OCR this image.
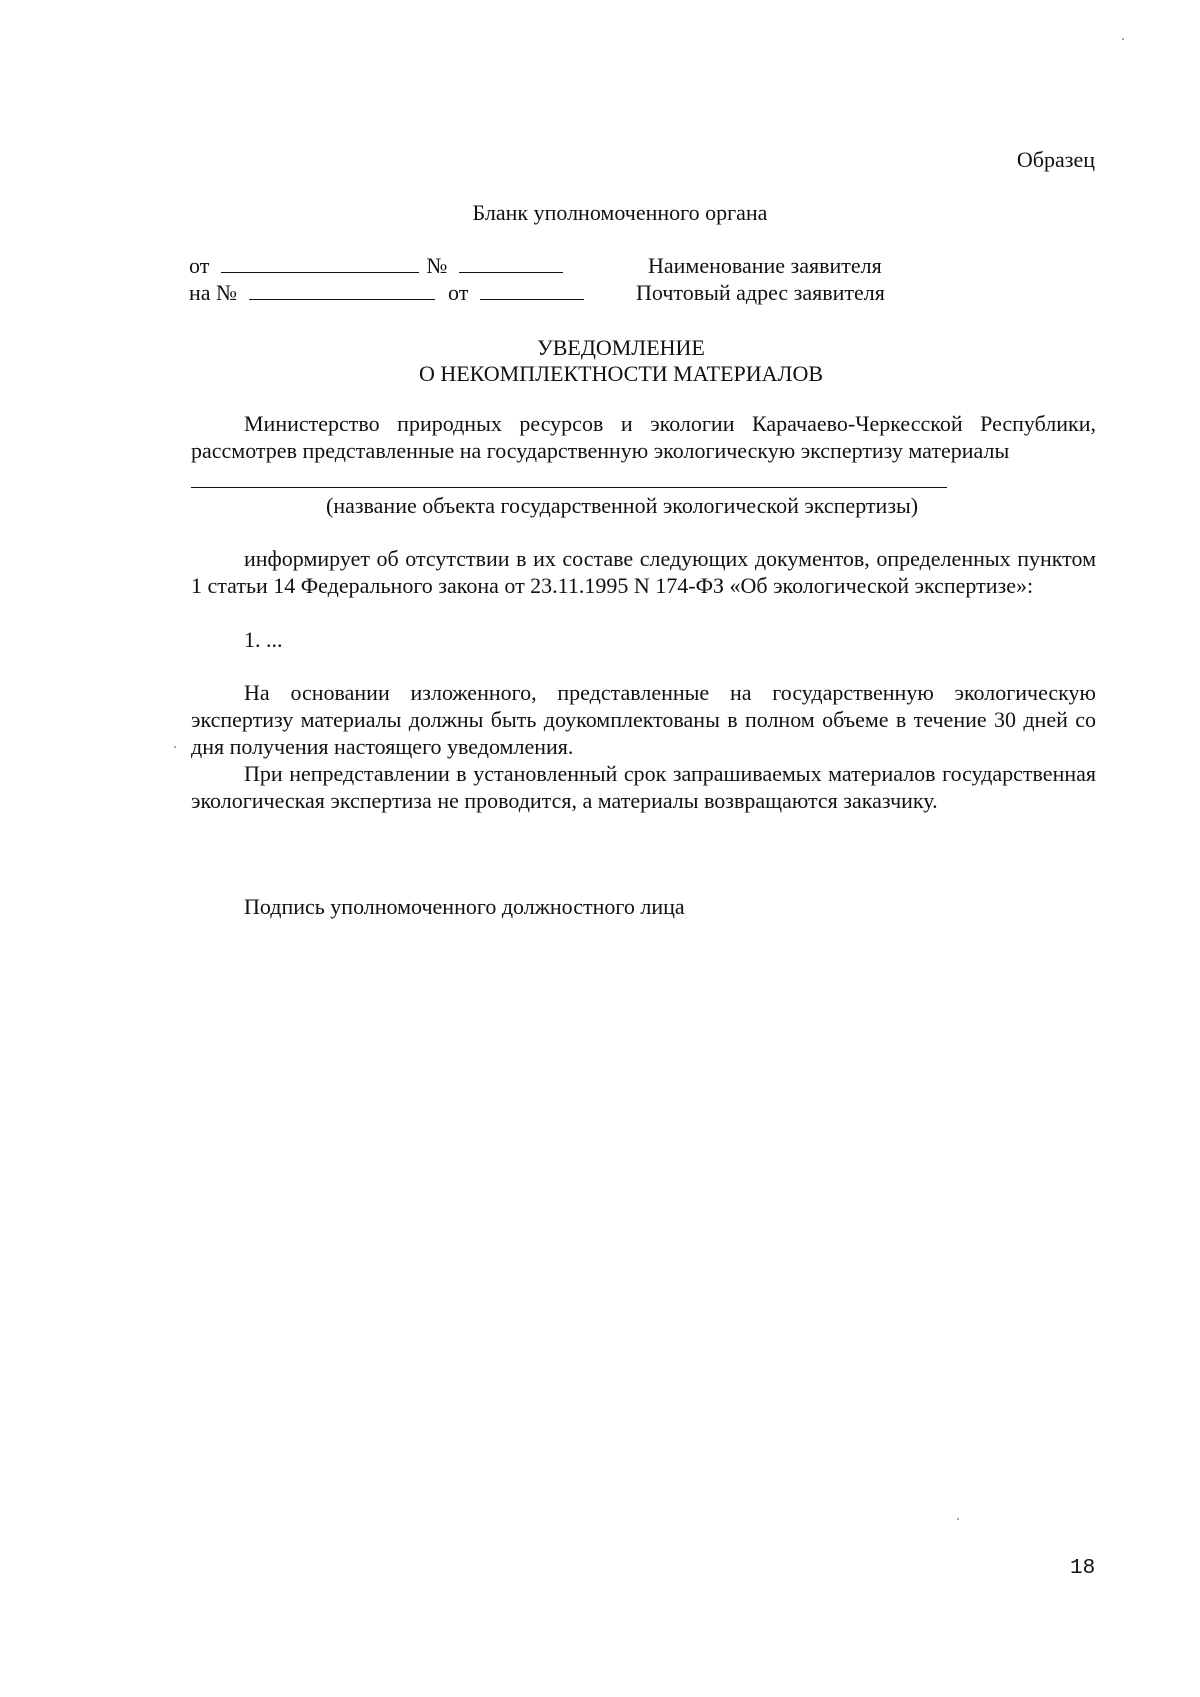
Образец
Бланк уполномоченного органа
от	№
на №	от
Наименование заявителя
Почтовый адрес заявителя
УВЕДОМЛЕНИЕ
О НЕКОМПЛЕКТНОСТИ МАТЕРИАЛОВ
Министерство природных ресурсов и экологии Карачаево-Черкесской Республики, рассмотрев представленные на государственную экологическую экспертизу материалы
(название объекта государственной экологической экспертизы)
информирует об отсутствии в их составе следующих документов, определенных пунктом 1 статьи 14 Федерального закона от 23.11.1995 N 174-ФЗ «Об экологической экспертизе»:
1. ...
На основании изложенного, представленные на государственную экологическую экспертизу материалы должны быть доукомплектованы в полном объеме в течение 30 дней со дня получения настоящего уведомления.
При непредставлении в установленный срок запрашиваемых материалов государственная экологическая экспертиза не проводится, а материалы возвращаются заказчику.
Подпись уполномоченного должностного лица
18
